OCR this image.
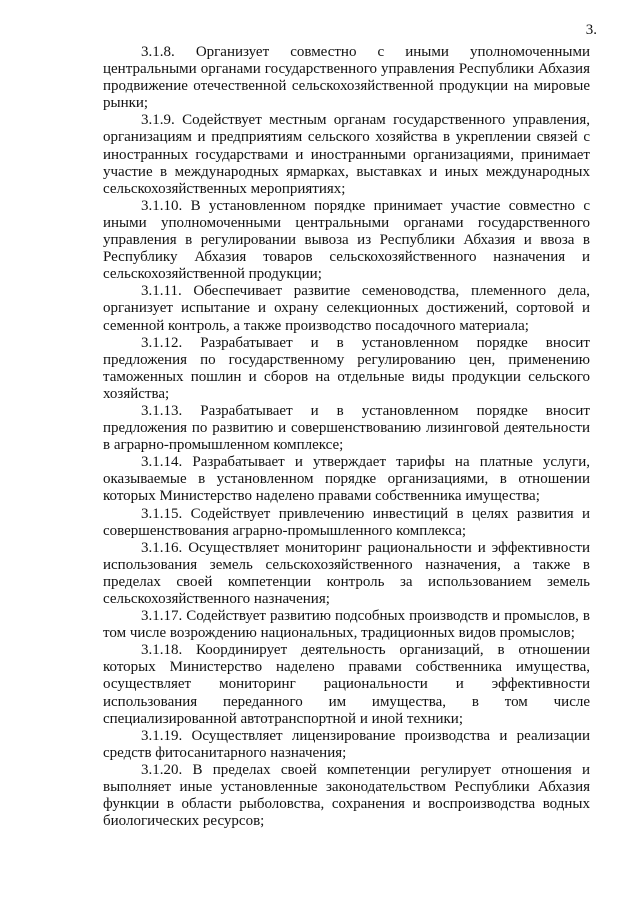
3.

3.1.8. Организует совместно с иными уполномоченными центральными органами государственного управления Республики Абхазия продвижение отечественной сельскохозяйственной продукции на мировые рынки;

3.1.9. Содействует местным органам государственного управления, организациям и предприятиям сельского хозяйства в укреплении связей с иностранных государствами и иностранными организациями, принимает участие в международных ярмарках, выставках и иных международных сельскохозяйственных мероприятиях;

3.1.10. В установленном порядке принимает участие совместно с иными уполномоченными центральными органами государственного управления в регулировании вывоза из Республики Абхазия и ввоза в Республику Абхазия товаров сельскохозяйственного назначения и сельскохозяйственной продукции;

3.1.11. Обеспечивает развитие семеноводства, племенного дела, организует испытание и охрану селекционных достижений, сортовой и семенной контроль, а также производство посадочного материала;

3.1.12. Разрабатывает и в установленном порядке вносит предложения по государственному регулированию цен, применению таможенных пошлин и сборов на отдельные виды продукции сельского хозяйства;

3.1.13. Разрабатывает и в установленном порядке вносит предложения по развитию и совершенствованию лизинговой деятельности в аграрно-промышленном комплексе;

3.1.14. Разрабатывает и утверждает тарифы на платные услуги, оказываемые в установленном порядке организациями, в отношении которых Министерство наделено правами собственника имущества;

3.1.15. Содействует привлечению инвестиций в целях развития и совершенствования аграрно-промышленного комплекса;

3.1.16. Осуществляет мониторинг рациональности и эффективности использования земель сельскохозяйственного назначения, а также в пределах своей компетенции контроль за использованием земель сельскохозяйственного назначения;

3.1.17. Содействует развитию подсобных производств и промыслов, в том числе возрождению национальных, традиционных видов промыслов;

3.1.18. Координирует деятельность организаций, в отношении которых Министерство наделено правами собственника имущества, осуществляет мониторинг рациональности и эффективности использования переданного им имущества, в том числе специализированной автотранспортной и иной техники;

3.1.19. Осуществляет лицензирование производства и реализации средств фитосанитарного назначения;

3.1.20. В пределах своей компетенции регулирует отношения и выполняет иные установленные законодательством Республики Абхазия функции в области рыболовства, сохранения и воспроизводства водных биологических ресурсов;
